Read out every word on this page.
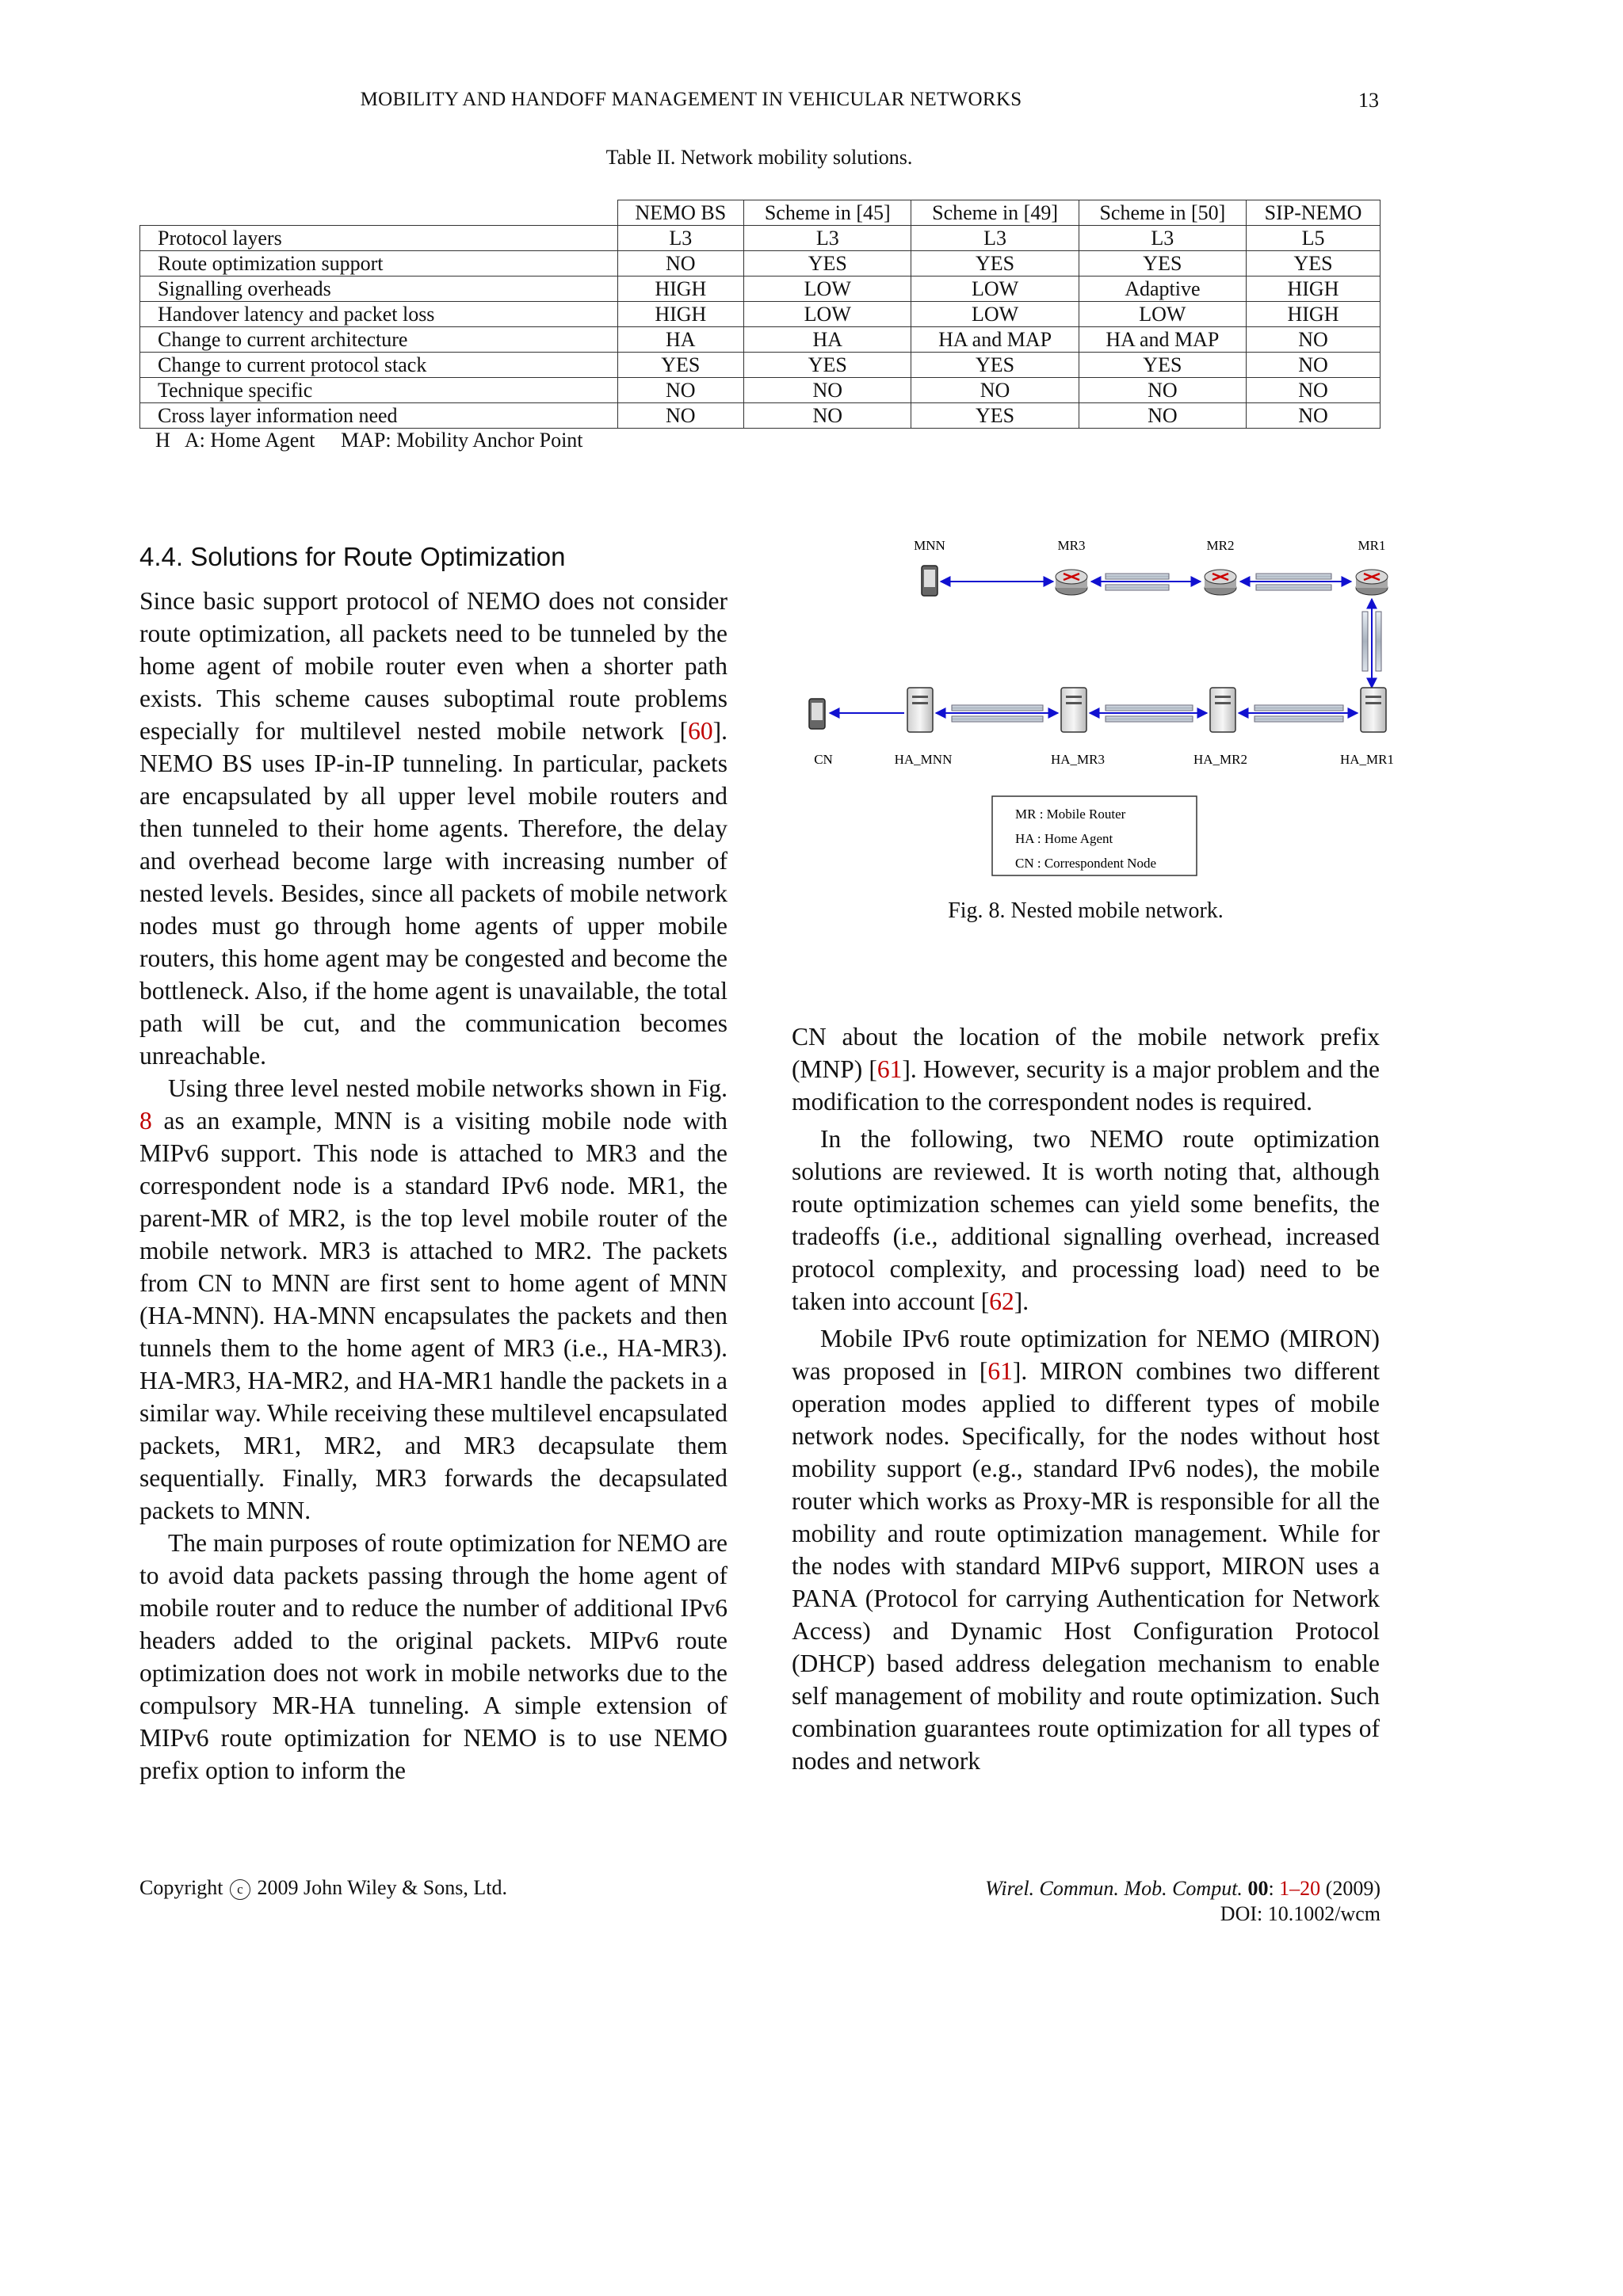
MOBILITY AND HANDOFF MANAGEMENT IN VEHICULAR NETWORKS	13
Table II. Network mobility solutions.
	NEMO BS	Scheme in [45]	Scheme in [49]	Scheme in [50]	SIP-NEMO
Protocol layers	L3	L3	L3	L3	L5
Route optimization support	NO	YES	YES	YES	YES
Signalling overheads	HIGH	LOW	LOW	Adaptive	HIGH
Handover latency and packet loss	HIGH	LOW	LOW	LOW	HIGH
Change to current architecture	HA	HA	HA and MAP	HA and MAP	NO
Change to current protocol stack	YES	YES	YES	YES	NO
Technique specific	NO	NO	NO	NO	NO
Cross layer information need	NO	NO	YES	NO	NO
H   A: Home Agent     MAP: Mobility Anchor Point
4.4. Solutions for Route Optimization

Since basic support protocol of NEMO does not consider route optimization, all packets need to be tunneled by the home agent of mobile router even when a shorter path exists. This scheme causes suboptimal route problems especially for multilevel nested mobile network [60]. NEMO BS uses IP-in-IP tunneling. In particular, packets are encapsulated by all upper level mobile routers and then tunneled to their home agents. Therefore, the delay and overhead become large with increasing number of nested levels. Besides, since all packets of mobile network nodes must go through home agents of upper mobile routers, this home agent may be congested and become the bottleneck. Also, if the home agent is unavailable, the total path will be cut, and the communication becomes unreachable.

Using three level nested mobile networks shown in Fig. 8 as an example, MNN is a visiting mobile node with MIPv6 support. This node is attached to MR3 and the correspondent node is a standard IPv6 node. MR1, the parent-MR of MR2, is the top level mobile router of the mobile network. MR3 is attached to MR2. The packets from CN to MNN are first sent to home agent of MNN (HA-MNN). HA-MNN encapsulates the packets and then tunnels them to the home agent of MR3 (i.e., HA-MR3). HA-MR3, HA-MR2, and HA-MR1 handle the packets in a similar way. While receiving these multilevel encapsulated packets, MR1, MR2, and MR3 decapsulate them sequentially. Finally, MR3 forwards the decapsulated packets to MNN.

The main purposes of route optimization for NEMO are to avoid data packets passing through the home agent of mobile router and to reduce the number of additional IPv6 headers added to the original packets. MIPv6 route optimization does not work in mobile networks due to the compulsory MR-HA tunneling. A simple extension of MIPv6 route optimization for NEMO is to use NEMO prefix option to inform the

MNN	MR3	MR2	MR1
CN	HA_MNN	HA_MR3	HA_MR2	HA_MR1
MR : Mobile Router
HA : Home Agent
CN : Correspondent Node
Fig. 8. Nested mobile network.

CN about the location of the mobile network prefix (MNP) [61]. However, security is a major problem and the modification to the correspondent nodes is required.

In the following, two NEMO route optimization solutions are reviewed. It is worth noting that, although route optimization schemes can yield some benefits, the tradeoffs (i.e., additional signalling overhead, increased protocol complexity, and processing load) need to be taken into account [62].

Mobile IPv6 route optimization for NEMO (MIRON) was proposed in [61]. MIRON combines two different operation modes applied to different types of mobile network nodes. Specifically, for the nodes without host mobility support (e.g., standard IPv6 nodes), the mobile router which works as Proxy-MR is responsible for all the mobility and route optimization management. While for the nodes with standard MIPv6 support, MIRON uses a PANA (Protocol for carrying Authentication for Network Access) and Dynamic Host Configuration Protocol (DHCP) based address delegation mechanism to enable self management of mobility and route optimization. Such combination guarantees route optimization for all types of nodes and network

Copyright c 2009 John Wiley & Sons, Ltd.	Wirel. Commun. Mob. Comput. 00: 1–20 (2009)
DOI: 10.1002/wcm
